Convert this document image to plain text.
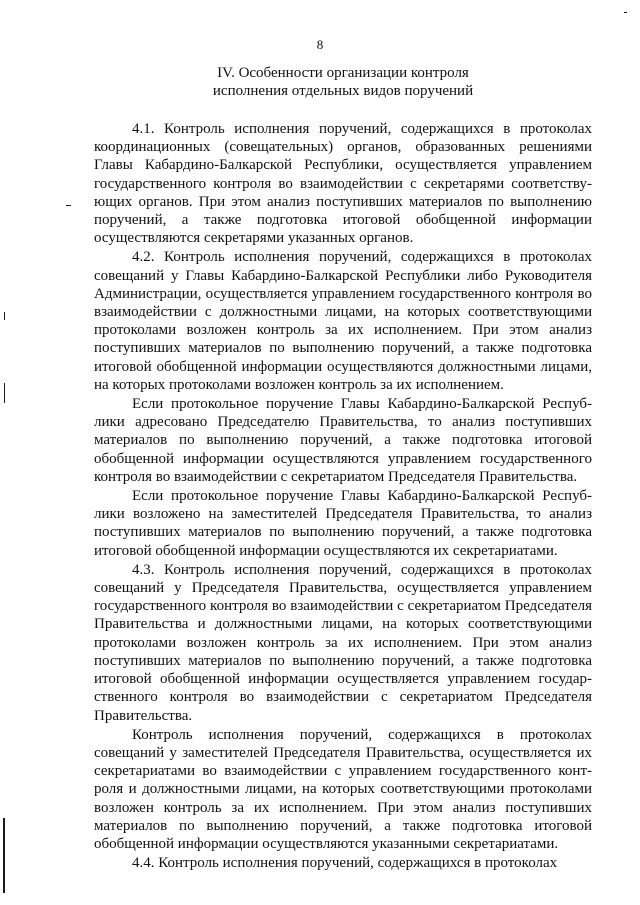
8
IV. Особенности организации контроля
исполнения отдельных видов поручений

4.1. Контроль исполнения поручений, содержащихся в протоколах координационных (совещательных) органов, образованных решениями Главы Кабардино-Балкарской Республики, осуществляется управлением государственного контроля во взаимодействии с секретарями соответствующих органов. При этом анализ поступивших материалов по выполнению поручений, а также подготовка итоговой обобщенной информации осуществляются секретарями указанных органов.

4.2. Контроль исполнения поручений, содержащихся в протоколах совещаний у Главы Кабардино-Балкарской Республики либо Руководителя Администрации, осуществляется управлением государственного контроля во взаимодействии с должностными лицами, на которых соответствующими протоколами возложен контроль за их исполнением. При этом анализ поступивших материалов по выполнению поручений, а также подготовка итоговой обобщенной информации осуществляются должностными лицами, на которых протоколами возложен контроль за их исполнением.

Если протокольное поручение Главы Кабардино-Балкарской Республики адресовано Председателю Правительства, то анализ поступивших материалов по выполнению поручений, а также подготовка итоговой обобщенной информации осуществляются управлением государственного контроля во взаимодействии с секретариатом Председателя Правительства.

Если протокольное поручение Главы Кабардино-Балкарской Республики возложено на заместителей Председателя Правительства, то анализ поступивших материалов по выполнению поручений, а также подготовка итоговой обобщенной информации осуществляются их секретариатами.

4.3. Контроль исполнения поручений, содержащихся в протоколах совещаний у Председателя Правительства, осуществляется управлением государственного контроля во взаимодействии с секретариатом Председателя Правительства и должностными лицами, на которых соответствующими протоколами возложен контроль за их исполнением. При этом анализ поступивших материалов по выполнению поручений, а также подготовка итоговой обобщенной информации осуществляется управлением государственного контроля во взаимодействии с секретариатом Председателя Правительства.

Контроль исполнения поручений, содержащихся в протоколах совещаний у заместителей Председателя Правительства, осуществляется их секретариатами во взаимодействии с управлением государственного контроля и должностными лицами, на которых соответствующими протоколами возложен контроль за их исполнением. При этом анализ поступивших материалов по выполнению поручений, а также подготовка итоговой обобщенной информации осуществляются указанными секретариатами.

4.4. Контроль исполнения поручений, содержащихся в протоколах
